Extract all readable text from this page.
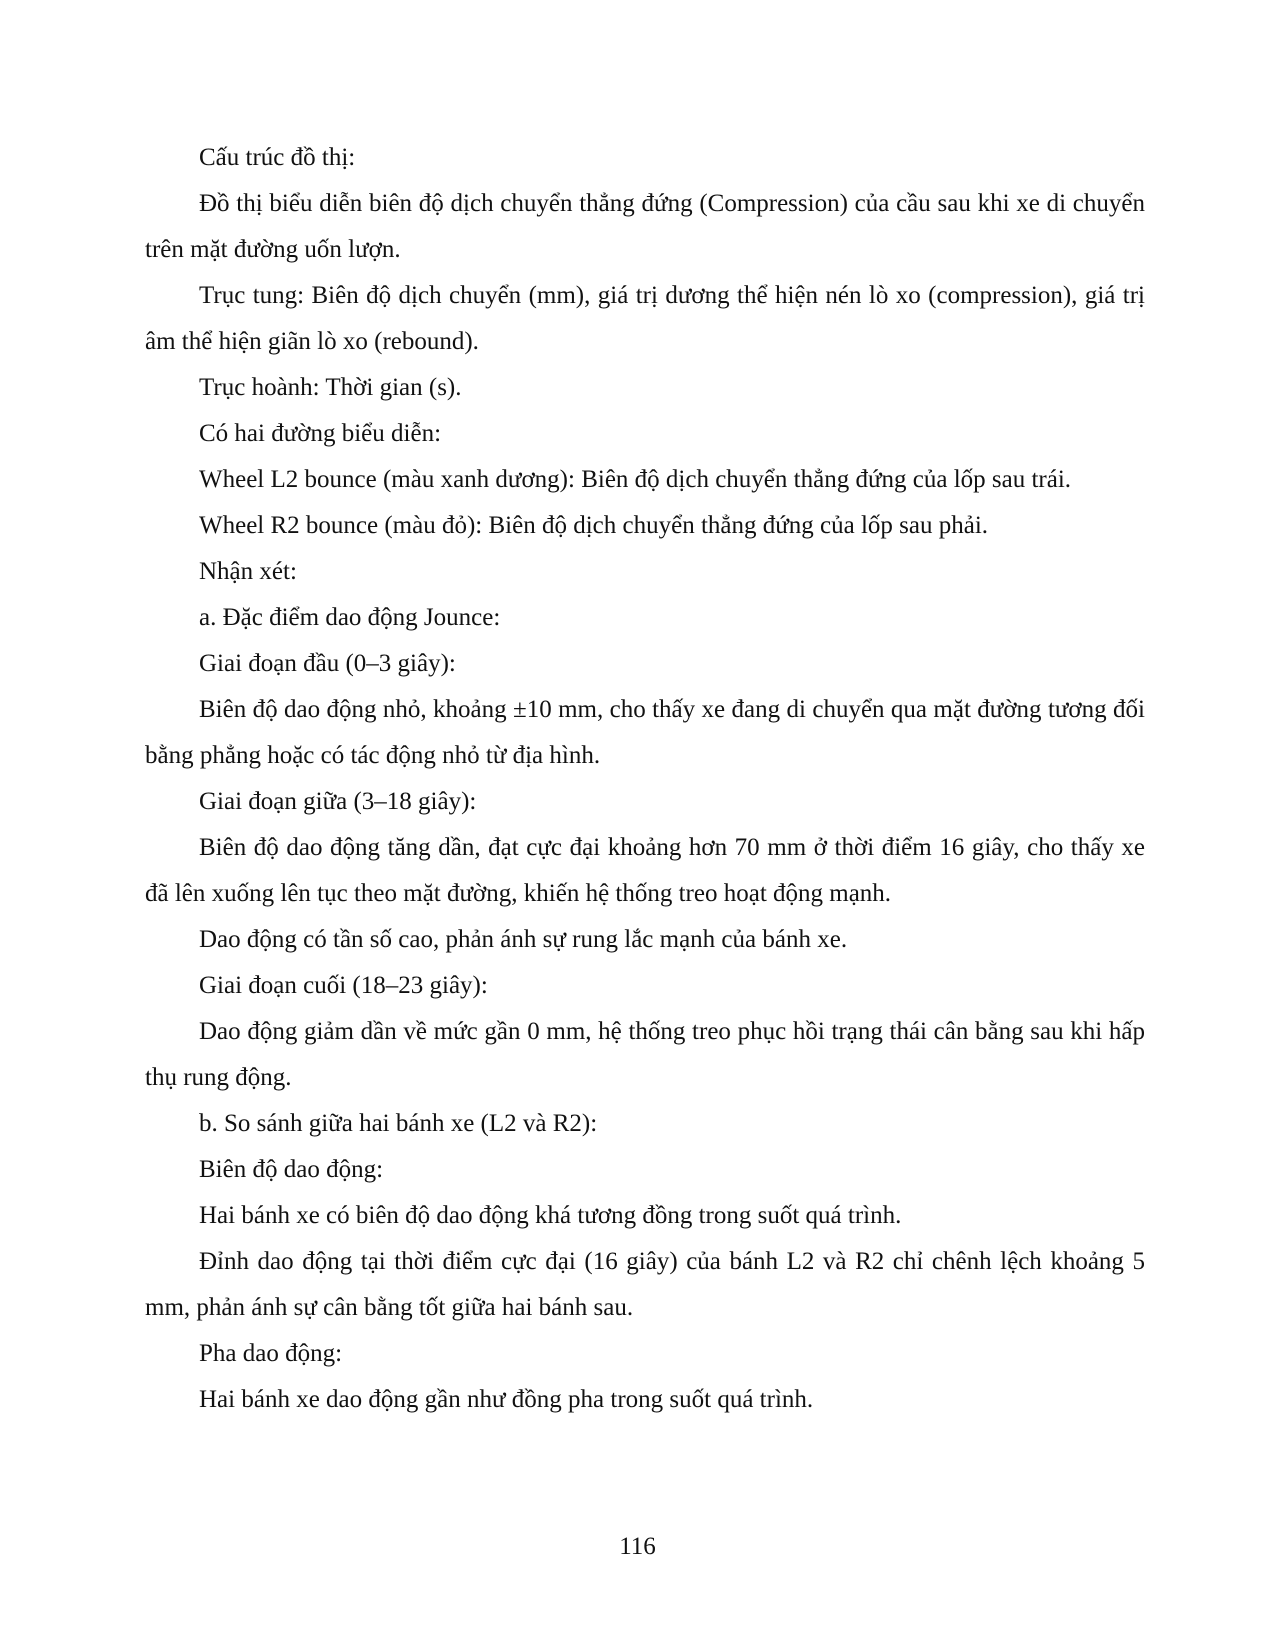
Cấu trúc đồ thị:

Đồ thị biểu diễn biên độ dịch chuyển thẳng đứng (Compression) của cầu sau khi xe di chuyển trên mặt đường uốn lượn.

Trục tung: Biên độ dịch chuyển (mm), giá trị dương thể hiện nén lò xo (compression), giá trị âm thể hiện giãn lò xo (rebound).

Trục hoành: Thời gian (s).

Có hai đường biểu diễn:

Wheel L2 bounce (màu xanh dương): Biên độ dịch chuyển thẳng đứng của lốp sau trái.

Wheel R2 bounce (màu đỏ): Biên độ dịch chuyển thẳng đứng của lốp sau phải.

Nhận xét:

a. Đặc điểm dao động Jounce:

Giai đoạn đầu (0–3 giây):

Biên độ dao động nhỏ, khoảng ±10 mm, cho thấy xe đang di chuyển qua mặt đường tương đối bằng phẳng hoặc có tác động nhỏ từ địa hình.

Giai đoạn giữa (3–18 giây):

Biên độ dao động tăng dần, đạt cực đại khoảng hơn 70 mm ở thời điểm 16 giây, cho thấy xe đã lên xuống lên tục theo mặt đường, khiến hệ thống treo hoạt động mạnh.

Dao động có tần số cao, phản ánh sự rung lắc mạnh của bánh xe.

Giai đoạn cuối (18–23 giây):

Dao động giảm dần về mức gần 0 mm, hệ thống treo phục hồi trạng thái cân bằng sau khi hấp thụ rung động.

b. So sánh giữa hai bánh xe (L2 và R2):

Biên độ dao động:

Hai bánh xe có biên độ dao động khá tương đồng trong suốt quá trình.

Đỉnh dao động tại thời điểm cực đại (16 giây) của bánh L2 và R2 chỉ chênh lệch khoảng 5 mm, phản ánh sự cân bằng tốt giữa hai bánh sau.

Pha dao động:

Hai bánh xe dao động gần như đồng pha trong suốt quá trình.

116
